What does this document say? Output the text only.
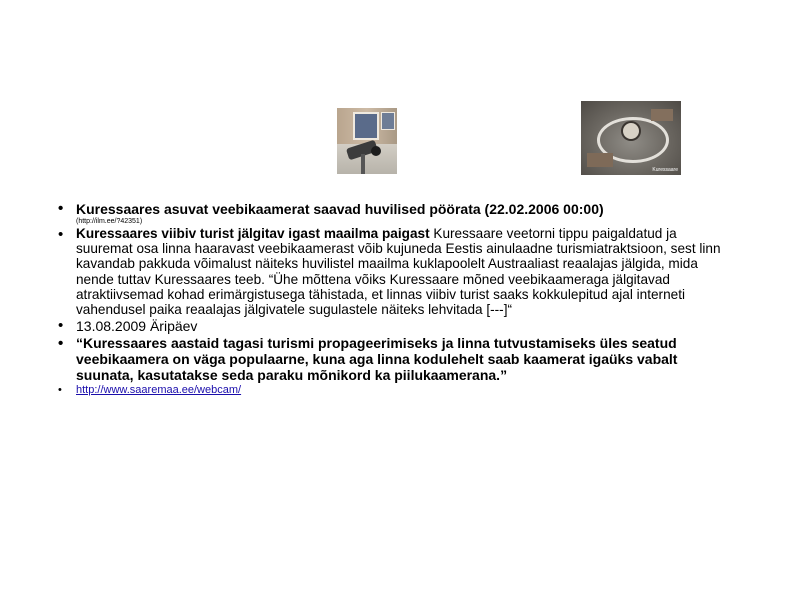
Kuressaare
• Kuressaares asuvat veebikaamerat saavad huvilised pöörata (22.02.2006 00:00)
(http://ilm.ee/?42351)
• Kuressaares viibiv turist jälgitav igast maailma paigast Kuressaare veetorni tippu paigaldatud ja suuremat osa linna haaravast veebikaamerast võib kujuneda Eestis ainulaadne turismiatraktsioon, sest linn kavandab pakkuda võimalust näiteks huvilistel maailma kuklapoolelt Austraaliast reaalajas jälgida, mida nende tuttav Kuressaares teeb. “Ühe mõttena võiks Kuressaare mõned veebikaameraga jälgitavad atraktiivsemad kohad erimärgistusega tähistada, et linnas viibiv turist saaks kokkulepitud ajal interneti vahendusel paika reaalajas jälgivatele sugulastele näiteks lehvitada [---]“
• 13.08.2009 Äripäev
• “Kuressaares aastaid tagasi turismi propageerimiseks ja linna tutvustamiseks üles seatud veebikaamera on väga populaarne, kuna aga linna kodulehelt saab kaamerat igaüks vabalt suunata, kasutatakse seda paraku mõnikord ka piilukaamerana.”
• http://www.saaremaa.ee/webcam/
